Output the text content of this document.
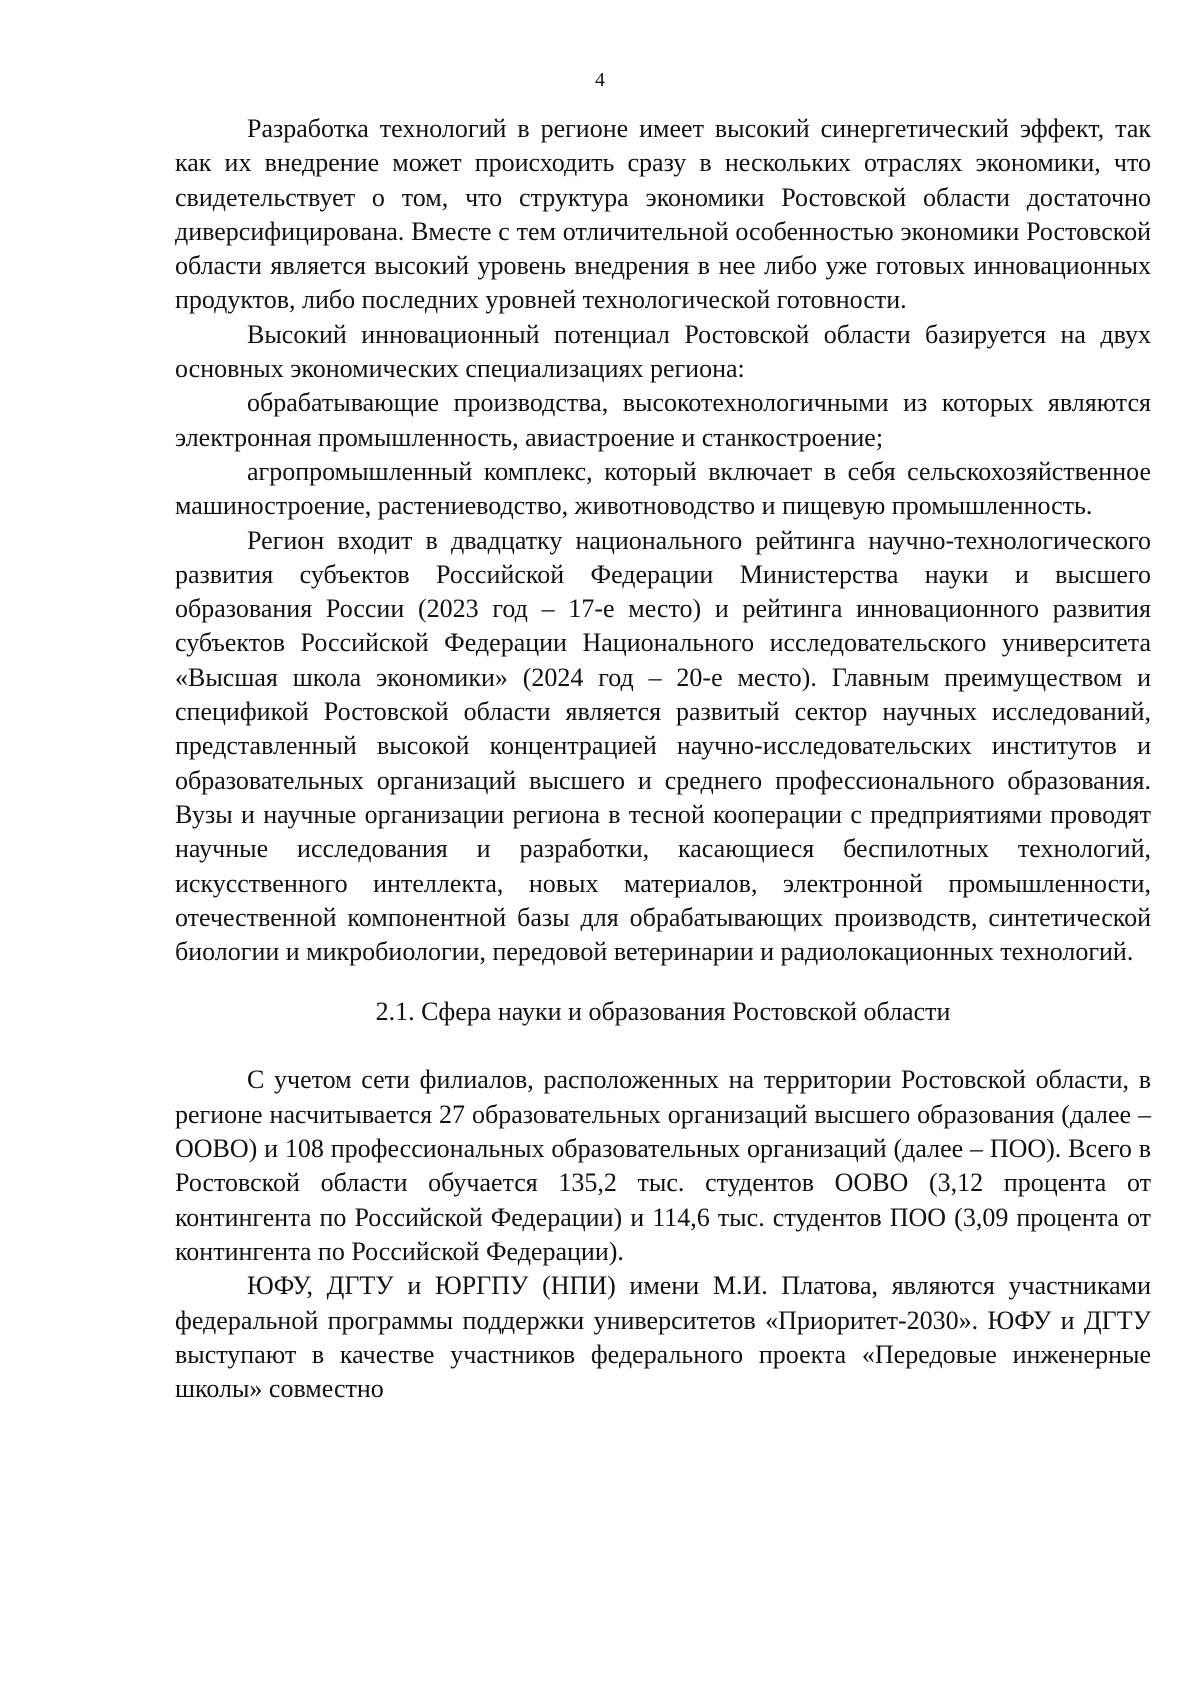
4

Разработка технологий в регионе имеет высокий синергетический эффект, так как их внедрение может происходить сразу в нескольких отраслях экономики, что свидетельствует о том, что структура экономики Ростовской области достаточно диверсифицирована. Вместе с тем отличительной особенностью экономики Ростовской области является высокий уровень внедрения в нее либо уже готовых инновационных продуктов, либо последних уровней технологической готовности.

Высокий инновационный потенциал Ростовской области базируется на двух основных экономических специализациях региона:

обрабатывающие производства, высокотехнологичными из которых являются электронная промышленность, авиастроение и станкостроение;

агропромышленный комплекс, который включает в себя сельскохозяйственное машиностроение, растениеводство, животноводство и пищевую промышленность.

Регион входит в двадцатку национального рейтинга научно-технологического развития субъектов Российской Федерации Министерства науки и высшего образования России (2023 год – 17-е место) и рейтинга инновационного развития субъектов Российской Федерации Национального исследовательского университета «Высшая школа экономики» (2024 год – 20-е место). Главным преимуществом и спецификой Ростовской области является развитый сектор научных исследований, представленный высокой концентрацией научно-исследовательских институтов и образовательных организаций высшего и среднего профессионального образования. Вузы и научные организации региона в тесной кооперации с предприятиями проводят научные исследования и разработки, касающиеся беспилотных технологий, искусственного интеллекта, новых материалов, электронной промышленности, отечественной компонентной базы для обрабатывающих производств, синтетической биологии и микробиологии, передовой ветеринарии и радиолокационных технологий.

2.1. Сфера науки и образования Ростовской области

С учетом сети филиалов, расположенных на территории Ростовской области, в регионе насчитывается 27 образовательных организаций высшего образования (далее – ООВО) и 108 профессиональных образовательных организаций (далее – ПОО). Всего в Ростовской области обучается 135,2 тыс. студентов ООВО (3,12 процента от контингента по Российской Федерации) и 114,6 тыс. студентов ПОО (3,09 процента от контингента по Российской Федерации).

ЮФУ, ДГТУ и ЮРГПУ (НПИ) имени М.И. Платова, являются участниками федеральной программы поддержки университетов «Приоритет-2030». ЮФУ и ДГТУ выступают в качестве участников федерального проекта «Передовые инженерные школы» совместно
